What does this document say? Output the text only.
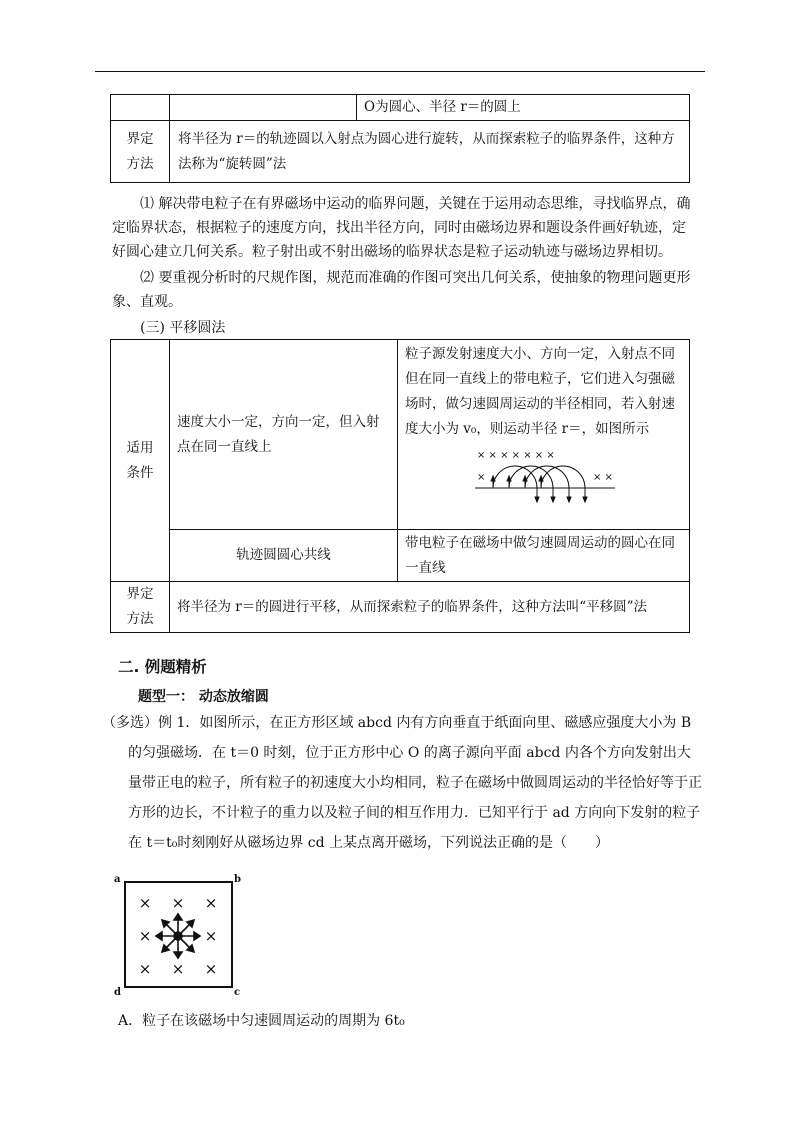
		O为圆心、半径 r＝的圆上
界定方法	将半径为 r＝的轨迹圆以入射点为圆心进行旋转，从而探索粒子的临界条件，这种方法称为“旋转圆”法	
⑴ 解决带电粒子在有界磁场中运动的临界问题，关键在于运用动态思维，寻找临界点，确定临界状态，根据粒子的速度方向，找出半径方向，同时由磁场边界和题设条件画好轨迹，定好圆心建立几何关系。粒子射出或不射出磁场的临界状态是粒子运动轨迹与磁场边界相切。
⑵ 要重视分析时的尺规作图，规范而准确的作图可突出几何关系，使抽象的物理问题更形象、直观。
(三) 平移圆法
适用条件	速度大小一定，方向一定，但入射点在同一直线上	粒子源发射速度大小、方向一定，入射点不同但在同一直线上的带电粒子，它们进入匀强磁场时，做匀速圆周运动的半径相同，若入射速度大小为 v₀，则运动半径 r＝，如图所示
× × × × × × ×
× × ×

	轨迹圆圆心共线	带电粒子在磁场中做匀速圆周运动的圆心在同一直线
界定方法	将半径为 r＝的圆进行平移，从而探索粒子的临界条件，这种方法叫“平移圆”法	
二. 例题精析
题型一： 动态放缩圆
（多选）例 1．如图所示，在正方形区域 abcd 内有方向垂直于纸面向里、磁感应强度大小为 B 的匀强磁场．在 t＝0 时刻，位于正方形中心 O 的离子源向平面 abcd 内各个方向发射出大量带正电的粒子，所有粒子的初速度大小均相同，粒子在磁场中做圆周运动的半径恰好等于正方形的边长，不计粒子的重力以及粒子间的相互作用力．已知平行于 ad 方向向下发射的粒子在 t＝t₀时刻刚好从磁场边界 cd 上某点离开磁场，下列说法正确的是（　　）
a	b
d	c
× × ×
×	×
× × ×
A．粒子在该磁场中匀速圆周运动的周期为 6t₀
